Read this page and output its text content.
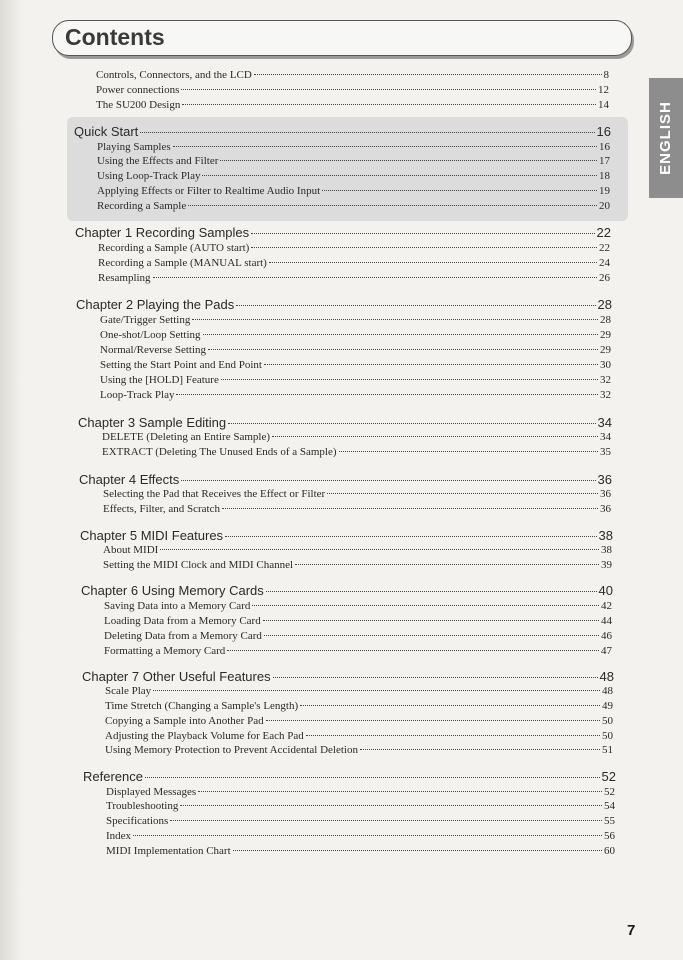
Contents
ENGLISH
Controls, Connectors, and the LCD	8
Power connections	12
The SU200 Design	14
Quick Start	16
Playing Samples	16
Using the Effects and Filter	17
Using Loop-Track Play	18
Applying Effects or Filter to Realtime Audio Input	19
Recording a Sample	20
Chapter 1 Recording Samples	22
Recording a Sample (AUTO start)	22
Recording a Sample (MANUAL start)	24
Resampling	26
Chapter 2 Playing the Pads	28
Gate/Trigger Setting	28
One-shot/Loop Setting	29
Normal/Reverse Setting	29
Setting the Start Point and End Point	30
Using the [HOLD] Feature	32
Loop-Track Play	32
Chapter 3 Sample Editing	34
DELETE (Deleting an Entire Sample)	34
EXTRACT (Deleting The Unused Ends of a Sample)	35
Chapter 4 Effects	36
Selecting the Pad that Receives the Effect or Filter	36
Effects, Filter, and Scratch	36
Chapter 5 MIDI Features	38
About MIDI	38
Setting the MIDI Clock and MIDI Channel	39
Chapter 6 Using Memory Cards	40
Saving Data into a Memory Card	42
Loading Data from a Memory Card	44
Deleting Data from a Memory Card	46
Formatting a Memory Card	47
Chapter 7 Other Useful Features	48
Scale Play	48
Time Stretch (Changing a Sample's Length)	49
Copying a Sample into Another Pad	50
Adjusting the Playback Volume for Each Pad	50
Using Memory Protection to Prevent Accidental Deletion	51
Reference	52
Displayed Messages	52
Troubleshooting	54
Specifications	55
Index	56
MIDI Implementation Chart	60
7
